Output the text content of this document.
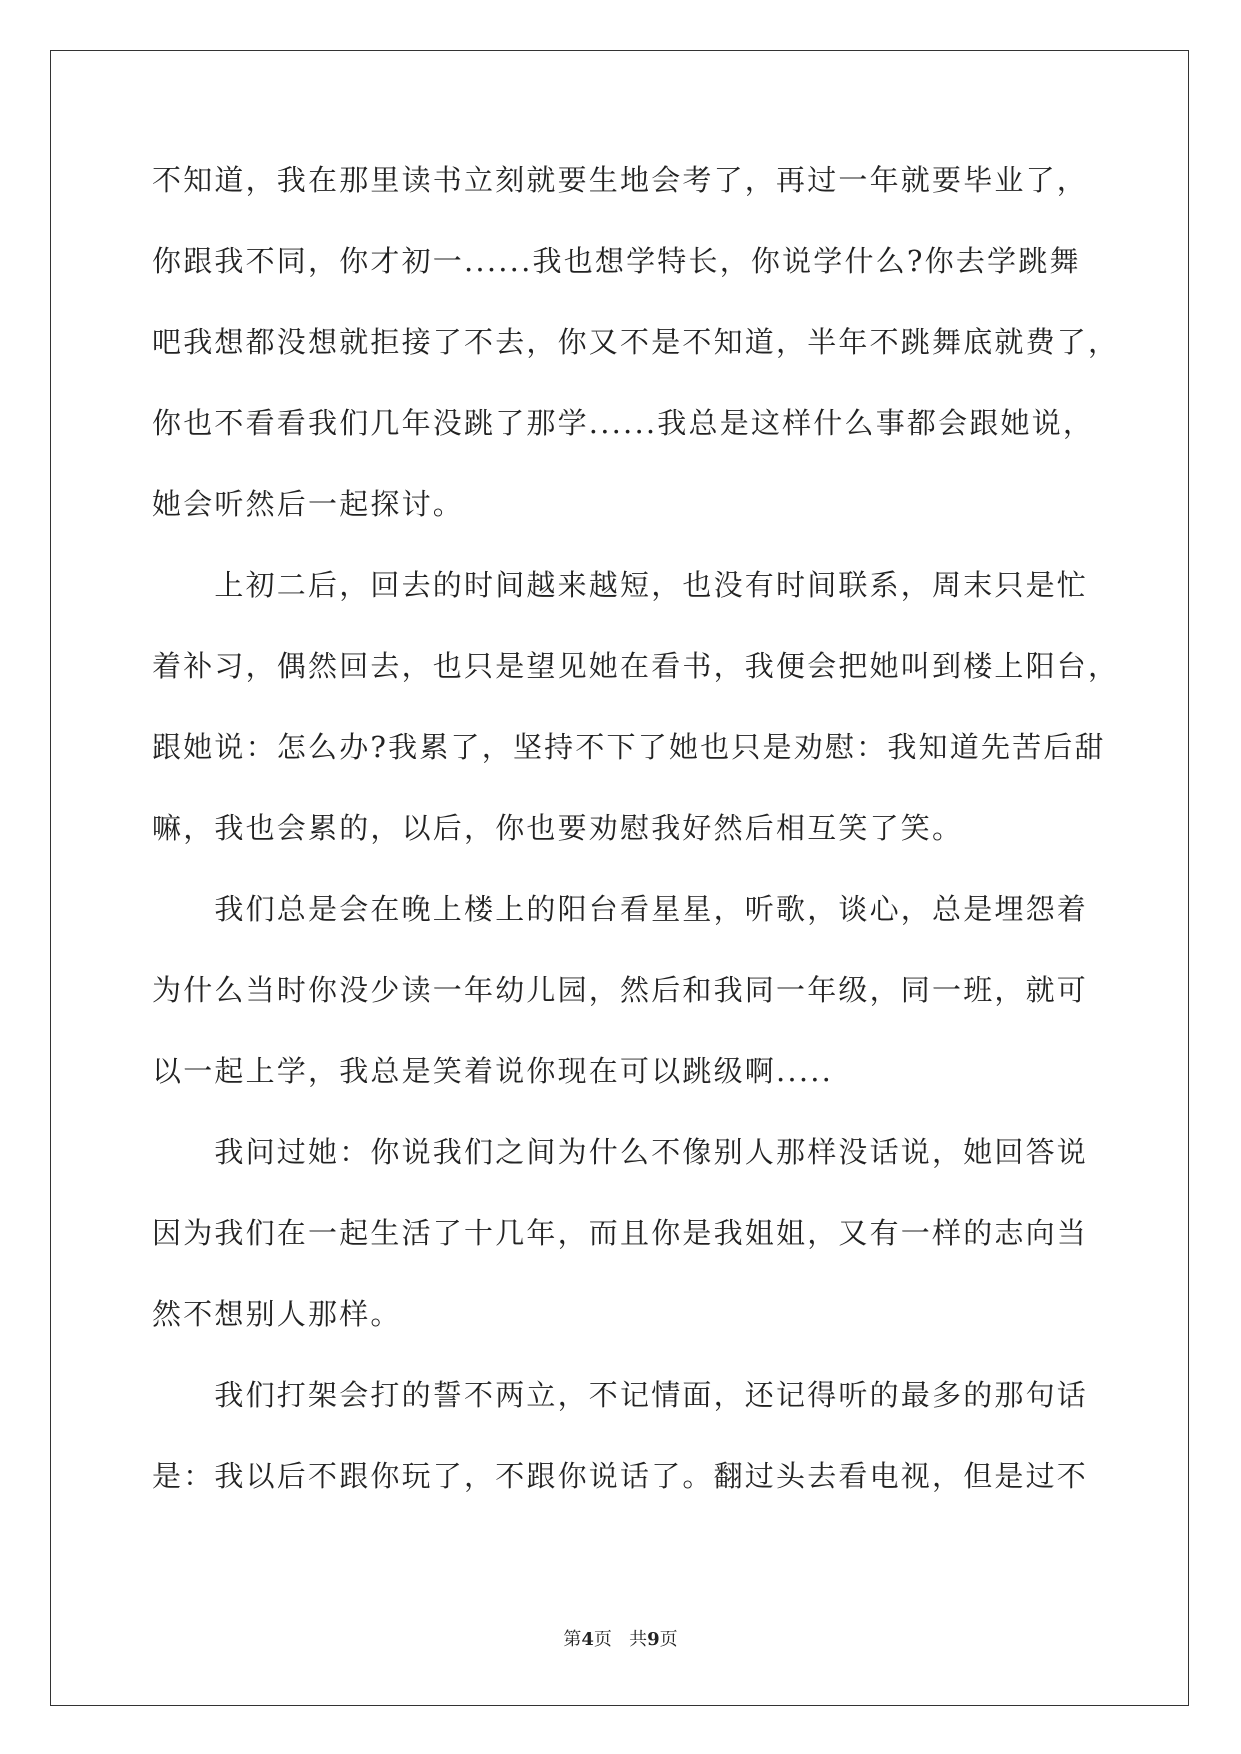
不知道，我在那里读书立刻就要生地会考了，再过一年就要毕业了，
你跟我不同，你才初一......我也想学特长，你说学什么?你去学跳舞
吧我想都没想就拒接了不去，你又不是不知道，半年不跳舞底就费了，
你也不看看我们几年没跳了那学......我总是这样什么事都会跟她说，
她会听然后一起探讨。
　　上初二后，回去的时间越来越短，也没有时间联系，周末只是忙
着补习，偶然回去，也只是望见她在看书，我便会把她叫到楼上阳台，
跟她说：怎么办?我累了，坚持不下了她也只是劝慰：我知道先苦后甜
嘛，我也会累的，以后，你也要劝慰我好然后相互笑了笑。
　　我们总是会在晚上楼上的阳台看星星，听歌，谈心，总是埋怨着
为什么当时你没少读一年幼儿园，然后和我同一年级，同一班，就可
以一起上学，我总是笑着说你现在可以跳级啊.....
　　我问过她：你说我们之间为什么不像别人那样没话说，她回答说
因为我们在一起生活了十几年，而且你是我姐姐，又有一样的志向当
然不想别人那样。
　　我们打架会打的誓不两立，不记情面，还记得听的最多的那句话
是：我以后不跟你玩了，不跟你说话了。翻过头去看电视，但是过不
第4页 共9页
